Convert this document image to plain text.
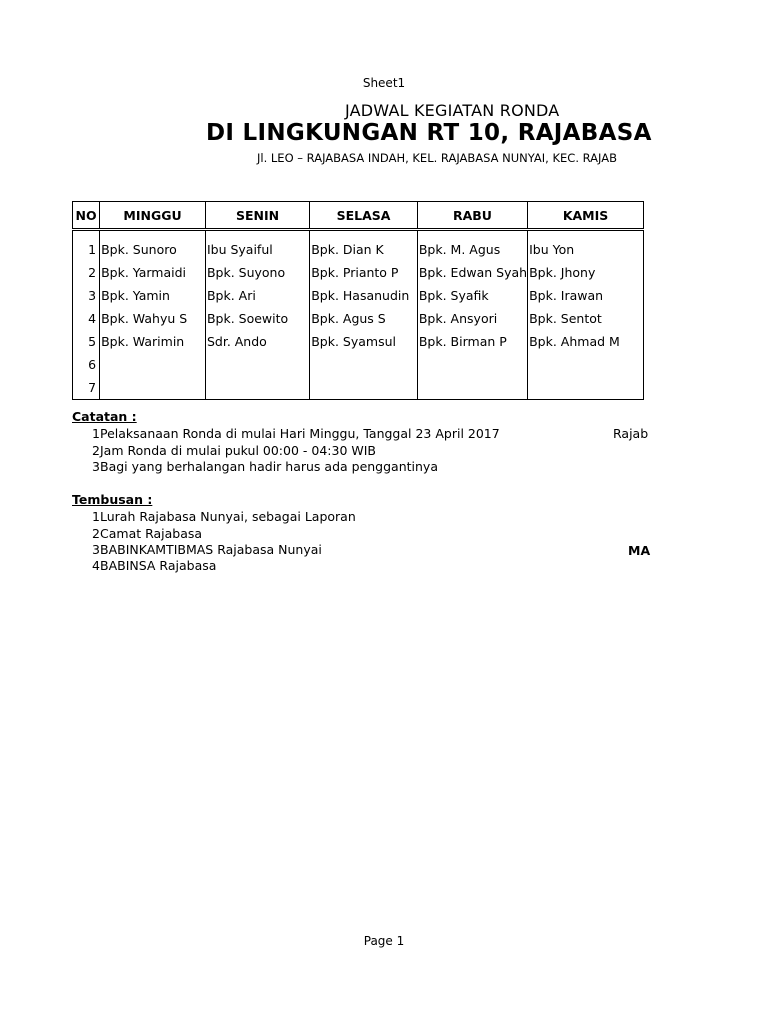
Sheet1
JADWAL KEGIATAN RONDA
DI LINGKUNGAN RT 10, RAJABASA
Jl. LEO – RAJABASA INDAH, KEL. RAJABASA NUNYAI, KEC. RAJAB
NO	MINGGU	SENIN	SELASA	RABU	KAMIS
1	Bpk. Sunoro	Ibu Syaiful	Bpk. Dian K	Bpk. M. Agus	Ibu Yon
2	Bpk. Yarmaidi	Bpk. Suyono	Bpk. Prianto P	Bpk. Edwan Syah	Bpk. Jhony
3	Bpk. Yamin	Bpk. Ari	Bpk. Hasanudin	Bpk. Syafik	Bpk. Irawan
4	Bpk. Wahyu S	Bpk. Soewito	Bpk. Agus S	Bpk. Ansyori	Bpk. Sentot
5	Bpk. Warimin	Sdr. Ando	Bpk. Syamsul	Bpk. Birman P	Bpk. Ahmad M
6					
7					
Catatan :
1Pelaksanaan Ronda di mulai Hari Minggu, Tanggal 23 April 2017
2Jam Ronda di mulai pukul 00:00 - 04:30 WIB
3Bagi yang berhalangan hadir harus ada penggantinya
Rajab
Tembusan :
1Lurah Rajabasa Nunyai, sebagai Laporan
2Camat Rajabasa
3BABINKAMTIBMAS Rajabasa Nunyai
4BABINSA Rajabasa
MA
Page 1
